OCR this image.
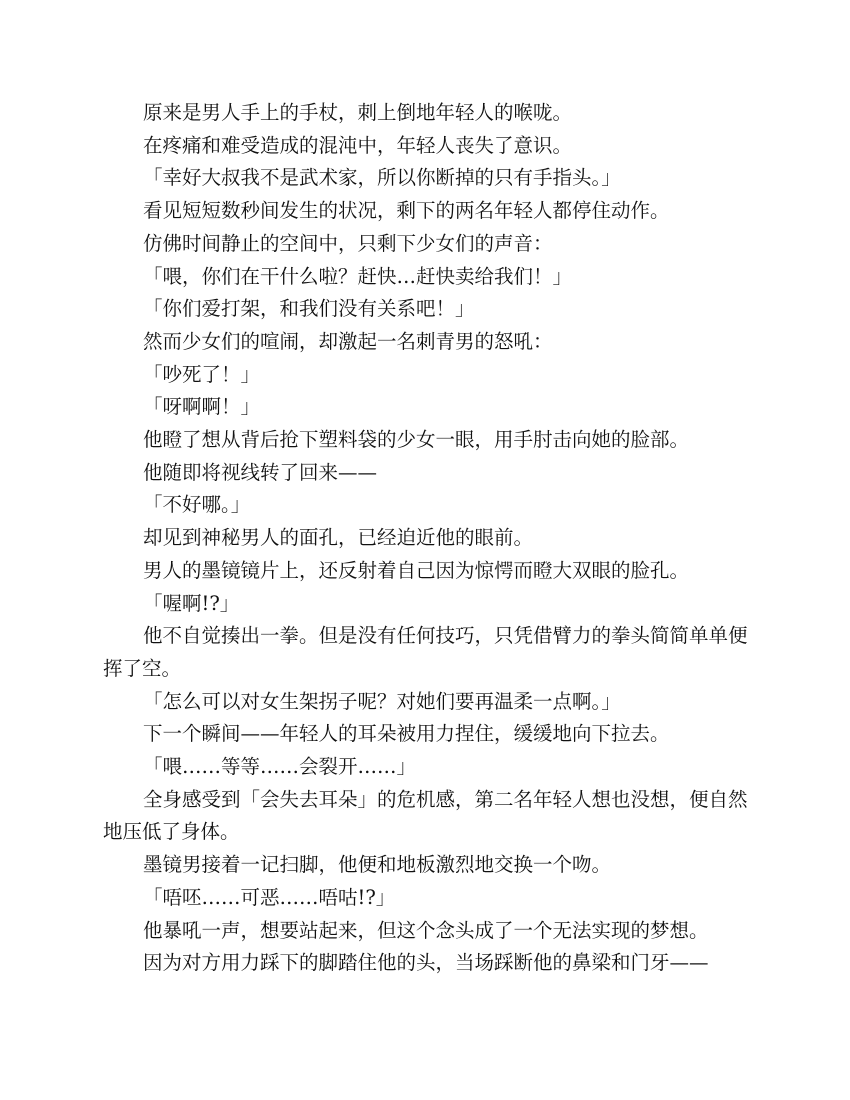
原来是男人手上的手杖，刺上倒地年轻人的喉咙。

在疼痛和难受造成的混沌中，年轻人丧失了意识。

「幸好大叔我不是武术家，所以你断掉的只有手指头。」

看见短短数秒间发生的状况，剩下的两名年轻人都停住动作。

仿佛时间静止的空间中，只剩下少女们的声音：

「喂，你们在干什么啦？赶快…赶快卖给我们！」

「你们爱打架，和我们没有关系吧！」

然而少女们的喧闹，却激起一名刺青男的怒吼：

「吵死了！」

「呀啊啊！」

他瞪了想从背后抢下塑料袋的少女一眼，用手肘击向她的脸部。

他随即将视线转了回来——

「不好哪。」

却见到神秘男人的面孔，已经迫近他的眼前。

男人的墨镜镜片上，还反射着自己因为惊愕而瞪大双眼的脸孔。

「喔啊!?」

他不自觉揍出一拳。但是没有任何技巧，只凭借臂力的拳头简简单单便挥了空。

「怎么可以对女生架拐子呢？对她们要再温柔一点啊。」

下一个瞬间——年轻人的耳朵被用力捏住，缓缓地向下拉去。

「喂……等等……会裂开……」

全身感受到「会失去耳朵」的危机感，第二名年轻人想也没想，便自然地压低了身体。

墨镜男接着一记扫脚，他便和地板激烈地交换一个吻。

「唔呸……可恶……唔咕!?」

他暴吼一声，想要站起来，但这个念头成了一个无法实现的梦想。

因为对方用力踩下的脚踏住他的头，当场踩断他的鼻梁和门牙——
